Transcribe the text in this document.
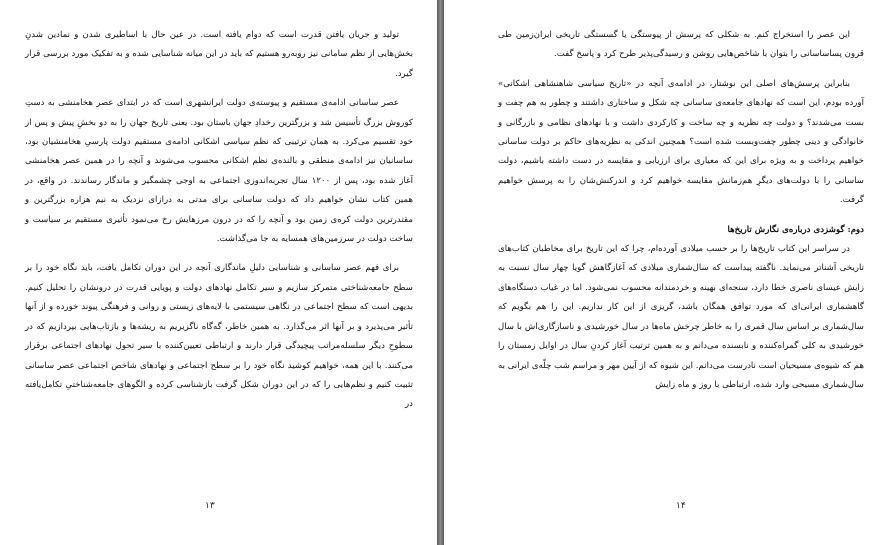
تولید و جریان یافتن قدرت است که دوام یافته است. در عین حال با اساطیری شدن و نمادین شدنِ بخش‌هایی از نظم سامانی نیز روبه‌رو هستیم که باید در این میانه شناسایی شده و به تفکیک مورد بررسی قرار گیرد.

عصر ساسانی ادامه‌ی مستقیم و پیوسته‌ی دولت ایرانشهری است که در ابتدای عصر هخامنشی به دستِ کوروش بزرگ تأسیس شد و بزرگترین رخدادِ جهان باستان بود. یعنی تاریخ جهان را به دو بخشِ پیش و پس از خود تقسیم می‌کرد. به همان ترتیبی که نظم سیاسی اشکانی ادامه‌ی مستقیم دولت پارسیِ هخامنشیان بود، ساسانیان نیز ادامه‌ی منطقی و بالنده‌ی نظم اشکانی محسوب می‌شوند و آنچه را در همین عصر هخامنشی آغاز شده بود، پس از ۱۲۰۰ سال تجربه‌اندوزی اجتماعی به اوجی چشمگیر و ماندگار رساندند. در واقع، در همین کتاب نشان خواهیم داد که دولت ساسانی برای مدتی به درازای نزدیک به نیم هزاره بزرگترین و مقتدرترین دولت کره‌ی زمین بود و آنچه را که در درون مرزهایش رخ می‌نمود تأثیری مستقیم بر سیاست و ساخت دولت در سرزمین‌های همسایه به جا می‌گذاشت.

برای فهم عصر ساسانی و شناسایی دلیلِ ماندگاری آنچه در این دوران تکامل یافت، باید نگاه خود را بر سطح جامعه‌شناختی متمرکز سازیم و سیر تکامل نهادهای دولت و پویایی قدرت در درونشان را تحلیل کنیم. بدیهی است که سطح اجتماعی در نگاهی سیستمی با لایه‌های زیستی و روانی و فرهنگی پیوند خورده و از آنها تأثیر می‌پذیرد و بر آنها اثر می‌گذارد. به همین خاطر، گه‌گاه ناگزیریم به ریشه‌ها و بازتاب‌هایی بپردازیم که در سطوحِ دیگر سلسله‌مراتب پیچیدگی قرار دارند و ارتباطی تعیین‌کننده با سیر تحول نهادهای اجتماعی برقرار می‌کنند. با این همه، خواهیم کوشید نگاه خود را بر سطح اجتماعی و نهادهای شاخص اجتماعی عصر ساسانی تثبیت کنیم و نظم‌هایی را که در این دوران شکل گرفت بازشناسی کرده و الگوهای جامعه‌شناختیِ تکامل‌یافته در

۱۳

این عصر را استخراج کنم. به شکلی که پرسش از پیوستگی یا گسستگی تاریخی ایران‌زمین طی قرون پساساسانی را بتوان با شاخص‌هایی روشن و رسیدگی‌پذیر طرح کرد و پاسخ گفت.

بنابراین پرسش‌های اصلی این نوشتار، در ادامه‌ی آنچه در «تاریخ سیاسی شاهنشاهی اشکانی» آورده بودم، این است که نهادهای جامعه‌ی ساسانی چه شکل و ساختاری داشتند و چطور به هم چفت و بست می‌شدند؟ و دولت چه نظریه و چه ساخت و کارکردی داشت و با نهادهای نظامی و بازرگانی و خانوادگی و دینی چطور چفت‌وبست شده است؟ همچنین اندکی به نظریه‌های حاکم بر دولت ساسانی خواهیم پرداخت و به ویژه برای این که معیاری برای ارزیابی و مقایسه در دست داشته باشیم، دولت ساسانی را با دولت‌های دیگرِ هم‌زمانش مقایسه خواهیم کرد و اندرکنش‌شان را به پرسش خواهیم گرفت.

دوم: گوشزدی درباره‌ی نگارش تاریخ‌ها

در سراسر این کتاب تاریخ‌ها را بر حسب میلادی آورده‌ام، چرا که این تاریخ برای مخاطبان کتاب‌های تاریخی آشناتر می‌نماید. ناگفته پیداست که سال‌شماری میلادی که آغازگاهش گویا چهار سال نسبت به زایش عیسای ناصری خطا دارد، سنجه‌ای بهینه و خردمندانه محسوب نمی‌شود. اما در غیاب دستگاه‌های گاهشماری ایرانی‌ای که مورد توافق همگان باشد، گریزی از این کار نداریم. این را هم بگویم که سال‌شماری بر اساس سال قمری را به خاطر چرخش ماه‌ها در سال خورشیدی و ناسازگاری‌اش با سال خورشیدی به کلی گمراه‌کننده و نابسنده می‌دانم و به همین ترتیب آغاز کردنِ سال در اوایل زمستان را هم که شیوه‌ی مسیحیان است نادرست می‌دانم. این شیوه که از آیین مهر و مراسم شب چلّه‌ی ایرانی به سال‌شماری مسیحی وارد شده، ارتباطی با روز و ماه زایش

۱۴
